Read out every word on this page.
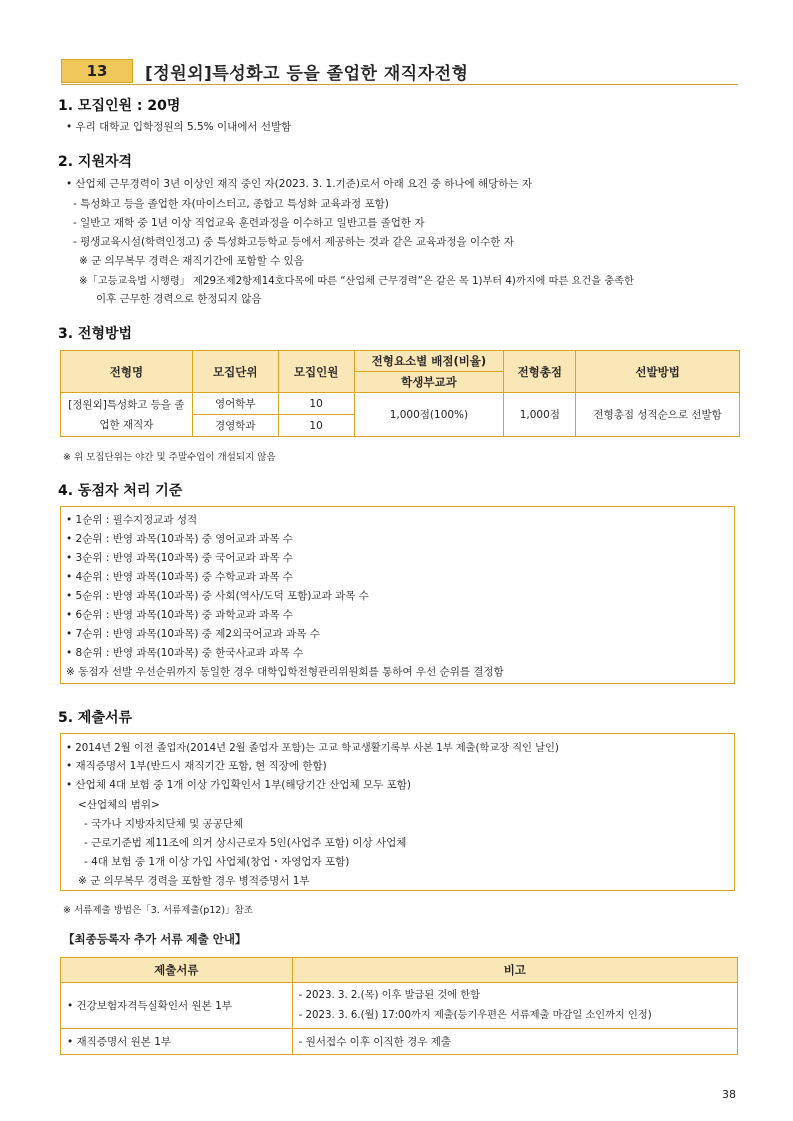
13	[정원외]특성화고 등을 졸업한 재직자전형
1. 모집인원 : 20명
• 우리 대학교 입학정원의 5.5% 이내에서 선발함
2. 지원자격
• 산업체 근무경력이 3년 이상인 재직 중인 자(2023. 3. 1.기준)로서 아래 요건 중 하나에 해당하는 자
- 특성화고 등을 졸업한 자(마이스터고, 종합고 특성화 교육과정 포함)
- 일반고 재학 중 1년 이상 직업교육 훈련과정을 이수하고 일반고를 졸업한 자
- 평생교육시설(학력인정고) 중 특성화고등학교 등에서 제공하는 것과 같은 교육과정을 이수한 자
※ 군 의무복무 경력은 재직기간에 포함할 수 있음
※「고등교육법 시행령」 제29조제2항제14호다목에 따른 “산업체 근무경력”은 같은 목 1)부터 4)까지에 따른 요건을 충족한
이후 근무한 경력으로 한정되지 않음
3. 전형방법
전형명	모집단위	모집인원	전형요소별 배점(비율)	전형총점	선발방법
			학생부교과		
[정원외]특성화고 등을 졸업한 재직자	영어학부	10	1,000점(100%)	1,000점	전형총점 성적순으로 선발함
	경영학과	10			
※ 위 모집단위는 야간 및 주말수업이 개설되지 않음
4. 동점자 처리 기준
• 1순위 : 필수지정교과 성적
• 2순위 : 반영 과목(10과목) 중 영어교과 과목 수
• 3순위 : 반영 과목(10과목) 중 국어교과 과목 수
• 4순위 : 반영 과목(10과목) 중 수학교과 과목 수
• 5순위 : 반영 과목(10과목) 중 사회(역사/도덕 포함)교과 과목 수
• 6순위 : 반영 과목(10과목) 중 과학교과 과목 수
• 7순위 : 반영 과목(10과목) 중 제2외국어교과 과목 수
• 8순위 : 반영 과목(10과목) 중 한국사교과 과목 수
※ 동점자 선발 우선순위까지 동일한 경우 대학입학전형관리위원회를 통하여 우선 순위를 결정함
5. 제출서류
• 2014년 2월 이전 졸업자(2014년 2월 졸업자 포함)는 고교 학교생활기록부 사본 1부 제출(학교장 직인 날인)
• 재직증명서 1부(반드시 재직기간 포함, 현 직장에 한함)
• 산업체 4대 보험 중 1개 이상 가입확인서 1부(해당기간 산업체 모두 포함)
<산업체의 범위>
- 국가나 지방자치단체 및 공공단체
- 근로기준법 제11조에 의거 상시근로자 5인(사업주 포함) 이상 사업체
- 4대 보험 중 1개 이상 가입 사업체(창업・자영업자 포함)
※ 군 의무복무 경력을 포함할 경우 병적증명서 1부
※ 서류제출 방법은「3. 서류제출(p12)」참조
【최종등록자 추가 서류 제출 안내】
제출서류	비고
• 건강보험자격득실확인서 원본 1부	- 2023. 3. 2.(목) 이후 발급된 것에 한함
- 2023. 3. 6.(월) 17:00까지 제출(등기우편은 서류제출 마감일 소인까지 인정)

• 재직증명서 원본 1부	- 원서접수 이후 이직한 경우 제출
38
